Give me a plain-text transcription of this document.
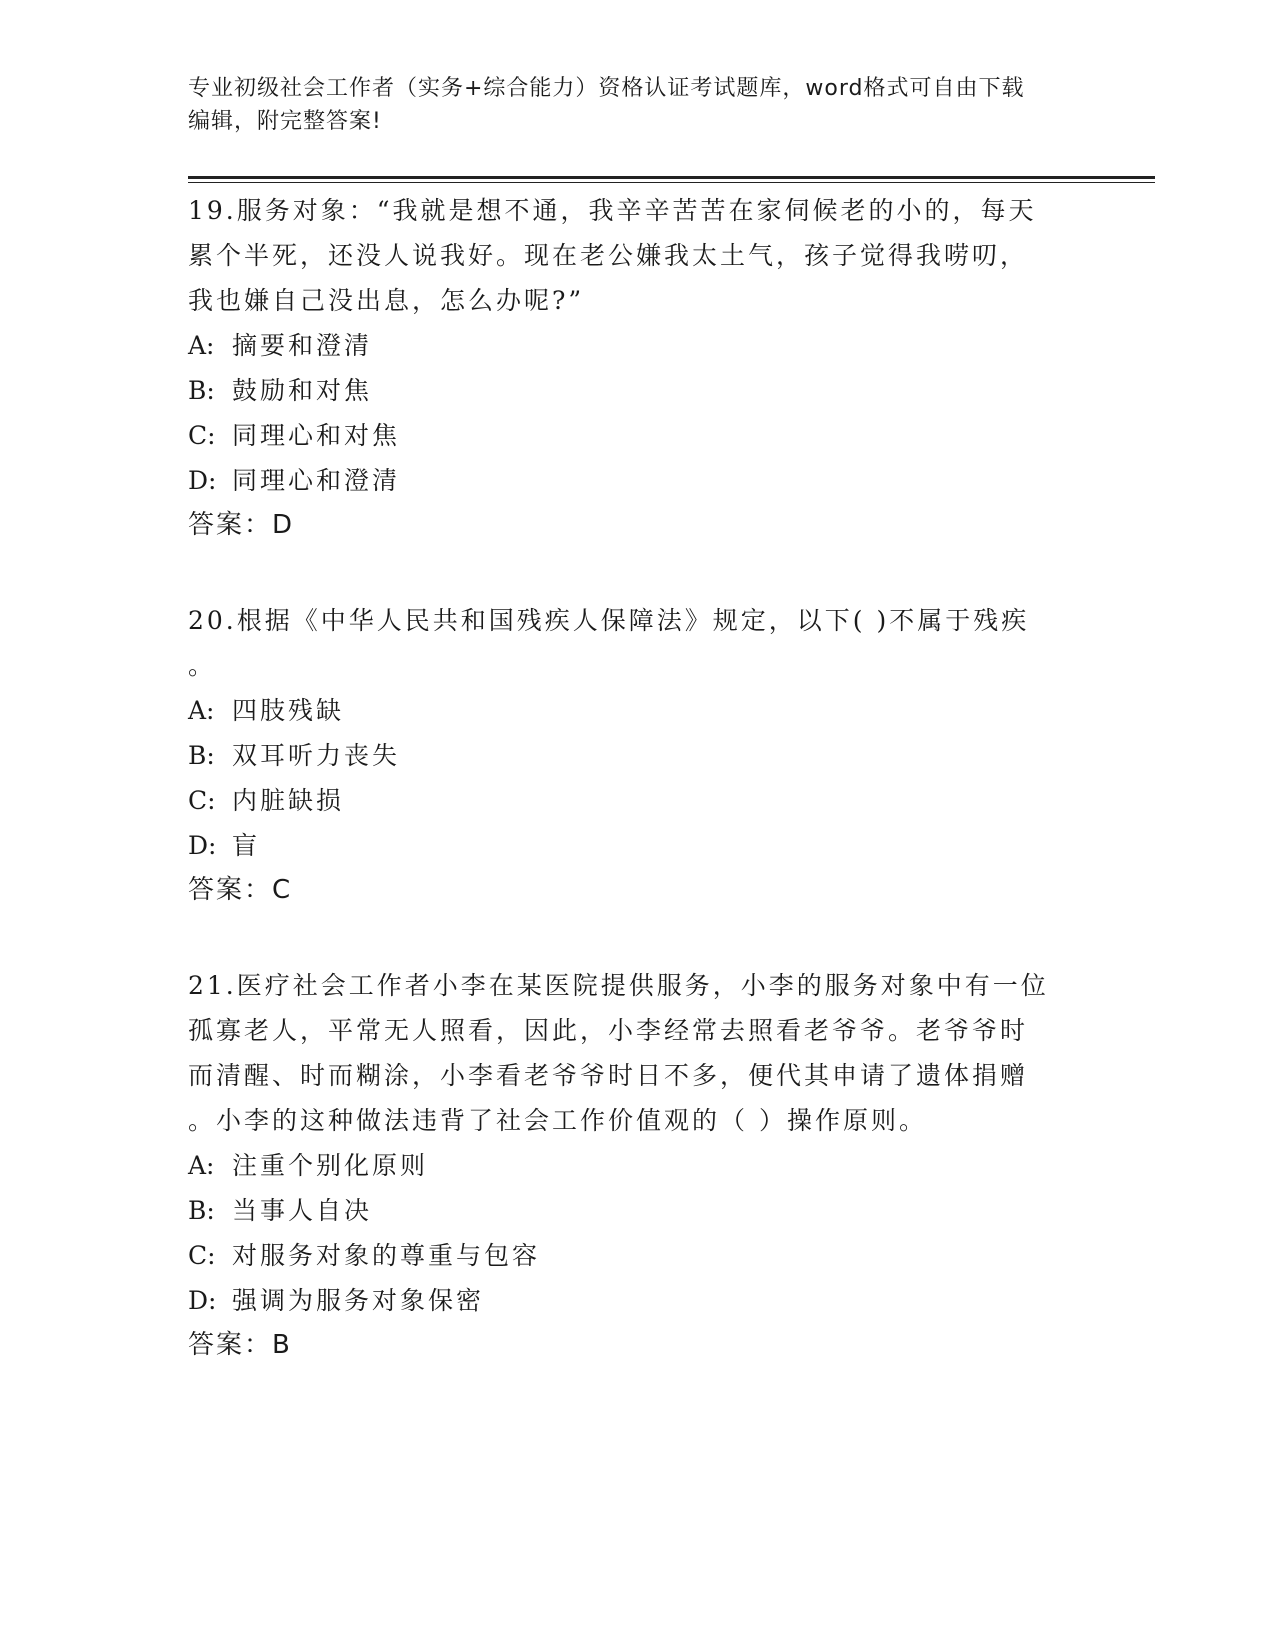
专业初级社会工作者（实务+综合能力）资格认证考试题库，word格式可自由下载
编辑，附完整答案!

19.服务对象：“我就是想不通，我辛辛苦苦在家伺候老的小的，每天

累个半死，还没人说我好。现在老公嫌我太土气，孩子觉得我唠叨，

我也嫌自己没出息，怎么办呢?”

A: 摘要和澄清
B: 鼓励和对焦
C: 同理心和对焦
D: 同理心和澄清

答案：D

20.根据《中华人民共和国残疾人保障法》规定，以下( )不属于残疾

。

A: 四肢残缺
B: 双耳听力丧失
C: 内脏缺损
D: 盲

答案：C

21.医疗社会工作者小李在某医院提供服务，小李的服务对象中有一位

孤寡老人，平常无人照看，因此，小李经常去照看老爷爷。老爷爷时

而清醒、时而糊涂，小李看老爷爷时日不多，便代其申请了遗体捐赠

。小李的这种做法违背了社会工作价值观的（ ）操作原则。

A: 注重个别化原则
B: 当事人自决
C: 对服务对象的尊重与包容
D: 强调为服务对象保密

答案：B
